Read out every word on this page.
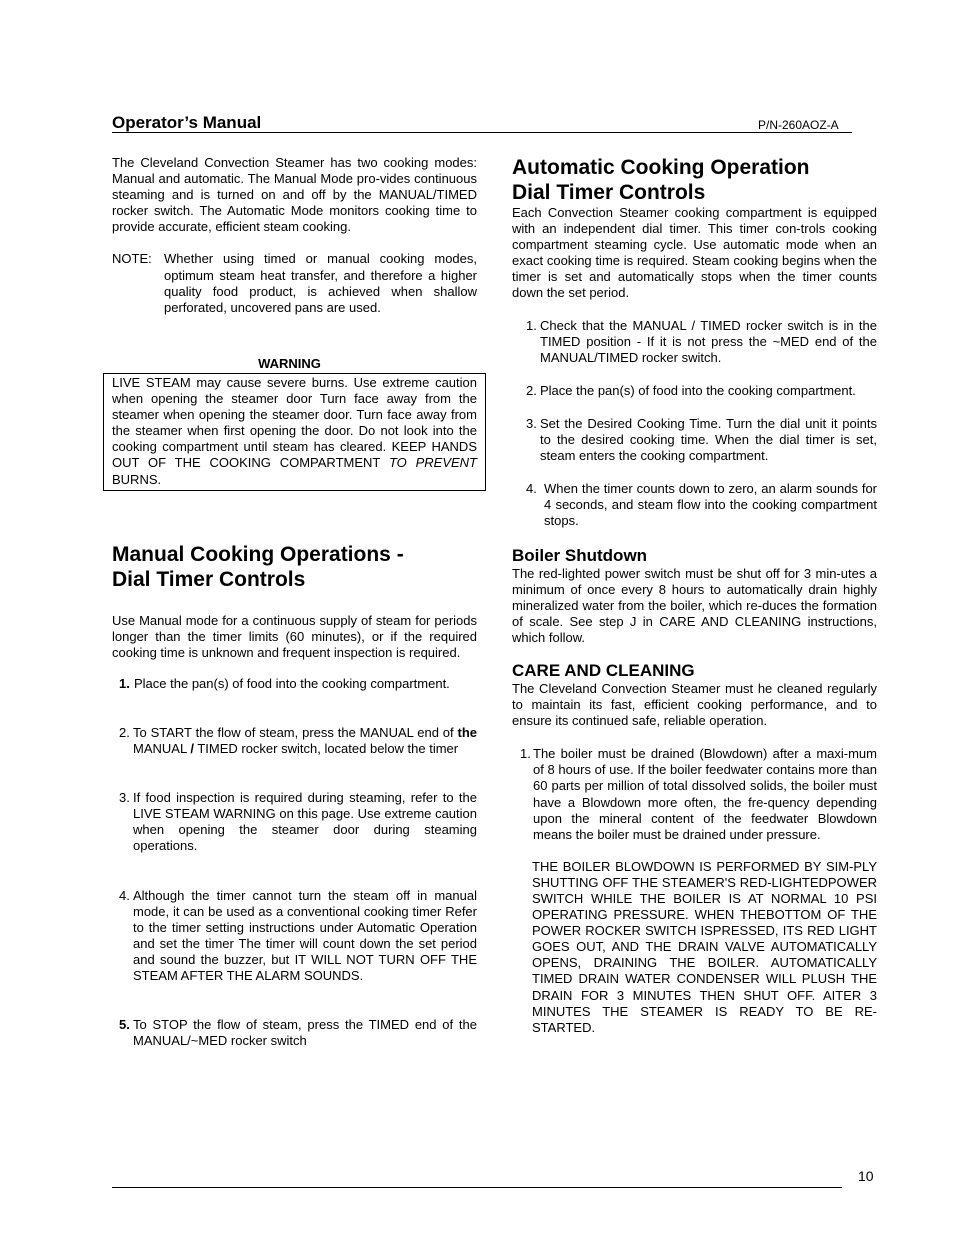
Operator’s Manual	P/N-260AOZ-A

The Cleveland Convection Steamer has two cooking modes: Manual and automatic. The Manual Mode pro-vides continuous steaming and is turned on and off by the MANUAL/TIMED rocker switch. The Automatic Mode monitors cooking time to provide accurate, efficient steam cooking.

NOTE: Whether using timed or manual cooking modes, optimum steam heat transfer, and therefore a higher quality food product, is achieved when shallow perforated, uncovered pans are used.
WARNING
LIVE STEAM may cause severe burns. Use extreme caution when opening the steamer door Turn face away from the steamer when opening the steamer door. Turn face away from the steamer when first opening the door. Do not look into the cooking compartment until steam has cleared. KEEP HANDS OUT OF THE COOKING COMPARTMENT TO PREVENT BURNS.
Manual Cooking Operations -
Dial Timer Controls

Use Manual mode for a continuous supply of steam for periods longer than the timer limits (60 minutes), or if the required cooking time is unknown and frequent inspection is required.

1. Place the pan(s) of food into the cooking compartment.
2. To START the flow of steam, press the MANUAL end of the MANUAL / TIMED rocker switch, located below the timer
3. If food inspection is required during steaming, refer to the LIVE STEAM WARNING on this page. Use extreme caution when opening the steamer door during steaming operations.
4. Although the timer cannot turn the steam off in manual mode, it can be used as a conventional cooking timer Refer to the timer setting instructions under Automatic Operation and set the timer The timer will count down the set period and sound the buzzer, but IT WILL NOT TURN OFF THE STEAM AFTER THE ALARM SOUNDS.
5. To STOP the flow of steam, press the TIMED end of the MANUAL/~MED rocker switch
Automatic Cooking Operation
Dial Timer Controls

Each Convection Steamer cooking compartment is equipped with an independent dial timer. This timer con-trols cooking compartment steaming cycle. Use automatic mode when an exact cooking time is required. Steam cooking begins when the timer is set and automatically stops when the timer counts down the set period.

1. Check that the MANUAL / TIMED rocker switch is in the TIMED position - If it is not press the ~MED end of the MANUAL/TIMED rocker switch.
2. Place the pan(s) of food into the cooking compartment.
3. Set the Desired Cooking Time. Turn the dial unit it points to the desired cooking time. When the dial timer is set, steam enters the cooking compartment.
4. When the timer counts down to zero, an alarm sounds for 4 seconds, and steam flow into the cooking compartment stops.
Boiler Shutdown

The red-lighted power switch must be shut off for 3 min-utes a minimum of once every 8 hours to automatically drain highly mineralized water from the boiler, which re-duces the formation of scale. See step J in CARE AND CLEANING instructions, which follow.

CARE AND CLEANING

The Cleveland Convection Steamer must he cleaned regularly to maintain its fast, efficient cooking performance, and to ensure its continued safe, reliable operation.

1. The boiler must be drained (Blowdown) after a maxi-mum of 8 hours of use. If the boiler feedwater contains more than 60 parts per million of total dissolved solids, the boiler must have a Blowdown more often, the fre-quency depending upon the mineral content of the feedwater Blowdown means the boiler must be drained under pressure.

THE BOILER BLOWDOWN IS PERFORMED BY SIM-PLY SHUTTING OFF THE STEAMER'S RED-LIGHTEDPOWER SWITCH WHILE THE BOILER IS AT NORMAL 10 PSI OPERATING PRESSURE. WHEN THEBOTTOM OF THE POWER ROCKER SWITCH ISPRESSED, ITS RED LIGHT GOES OUT, AND THE DRAIN VALVE AUTOMATICALLY OPENS, DRAINING THE BOILER. AUTOMATICALLY TIMED DRAIN WATER CONDENSER WILL PLUSH THE DRAIN FOR 3 MINUTES THEN SHUT OFF. AITER 3 MINUTES THE STEAMER IS READY TO BE RE-STARTED.

10
